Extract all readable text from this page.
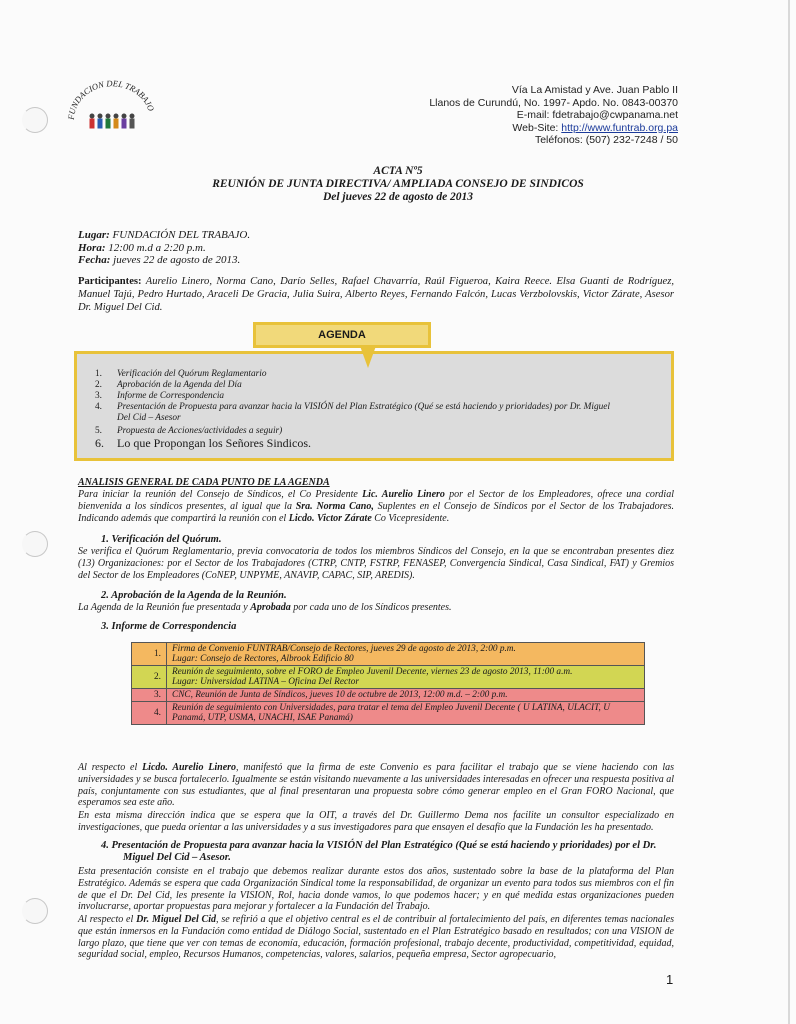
FUNDACION DEL TRABAJO
Vía La Amistad y Ave. Juan Pablo II
Llanos de Curundú, No. 1997- Apdo. No. 0843-00370
E-mail: fdetrabajo@cwpanama.net
Web-Site: http://www.funtrab.org.pa
Teléfonos: (507) 232-7248 / 50
ACTA Nº5
REUNIÓN DE JUNTA DIRECTIVA/ AMPLIADA CONSEJO DE SINDICOS
Del jueves 22 de agosto de 2013
Lugar: FUNDACIÓN DEL TRABAJO.
Hora: 12:00 m.d a 2:20 p.m.
Fecha: jueves 22 de agosto de 2013.
Participantes: Aurelio Linero, Norma Cano, Darío Selles, Rafael Chavarría, Raúl Figueroa, Kaira Reece. Elsa Guanti de Rodríguez, Manuel Tajú, Pedro Hurtado, Araceli De Gracia, Julia Suira, Alberto Reyes, Fernando Falcón, Lucas Verzbolovskis, Victor Zárate, Asesor Dr. Miguel Del Cid.
AGENDA
1. Verificación del Quórum Reglamentario
2. Aprobación de la Agenda del Día
3. Informe de Correspondencia
4. Presentación de Propuesta para avanzar hacia la VISIÓN del Plan Estratégico (Qué se está haciendo y prioridades) por Dr. Miguel
Del Cid – Asesor
5. Propuesta de Acciones/actividades a seguir)
6. Lo que Propongan los Señores Sindicos.
ANALISIS GENERAL DE CADA PUNTO DE LA AGENDA
Para iniciar la reunión del Consejo de Síndicos, el Co Presidente Lic. Aurelio Linero por el Sector de los Empleadores, ofrece una cordial bienvenida a los síndicos presentes, al igual que la Sra. Norma Cano, Suplentes en el Consejo de Síndicos por el Sector de los Trabajadores. Indicando además que compartirá la reunión con el Licdo. Victor Zárate Co Vicepresidente.
1. Verificación del Quórum.
Se verifica el Quórum Reglamentario, previa convocatoria de todos los miembros Síndicos del Consejo, en la que se encontraban presentes diez (13) Organizaciones: por el Sector de los Trabajadores (CTRP, CNTP, FSTRP, FENASEP, Convergencia Sindical, Casa Sindical, FAT) y Gremios del Sector de los Empleadores (CoNEP, UNPYME, ANAVIP, CAPAC, SIP, AREDIS).
2. Aprobación de la Agenda de la Reunión.
La Agenda de la Reunión fue presentada y Aprobada por cada uno de los Síndicos presentes.
3. Informe de Correspondencia
1.	Firma de Convenio FUNTRAB/Consejo de Rectores, jueves 29 de agosto de 2013, 2:00 p.m.
Lugar: Consejo de Rectores, Albrook Edificio 80

2.	Reunión de seguimiento, sobre el FORO de Empleo Juvenil Decente, viernes 23 de agosto 2013, 11:00 a.m.
Lugar: Universidad LATINA – Oficina Del Rector

3.	CNC, Reunión de Junta de Síndicos, jueves 10 de octubre de 2013, 12:00 m.d. – 2:00 p.m.

4.	Reunión de seguimiento con Universidades, para tratar el tema del Empleo Juvenil Decente ( U LATINA, ULACIT, U Panamá, UTP, USMA, UNACHI, ISAE Panamá)
Al respecto el Licdo. Aurelio Linero, manifestó que la firma de este Convenio es para facilitar el trabajo que se viene haciendo con las universidades y se busca fortalecerlo. Igualmente se están visitando nuevamente a las universidades interesadas en ofrecer una respuesta positiva al país, conjuntamente con sus estudiantes, que al final presentaran una propuesta sobre cómo generar empleo en el Gran FORO Nacional, que esperamos sea este año.
En esta misma dirección indica que se espera que la OIT, a través del Dr. Guillermo Dema nos facilite un consultor especializado en investigaciones, que pueda orientar a las universidades y a sus investigadores para que ensayen el desafío que la Fundación les ha presentado.
4. Presentación de Propuesta para avanzar hacia la VISIÓN del Plan Estratégico (Qué se está haciendo y prioridades) por el Dr.
Miguel Del Cid – Asesor.
Esta presentación consiste en el trabajo que debemos realizar durante estos dos años, sustentado sobre la base de la plataforma del Plan Estratégico. Además se espera que cada Organización Sindical tome la responsabilidad, de organizar un evento para todos sus miembros con el fin de que el Dr. Del Cid, les presente la VISION, Rol, hacia donde vamos, lo que podemos hacer; y en qué medida estas organizaciones pueden involucrarse, aportar propuestas para mejorar y fortalecer a la Fundación del Trabajo.
Al respecto el Dr. Miguel Del Cid, se refirió a que el objetivo central es el de contribuir al fortalecimiento del país, en diferentes temas nacionales que están inmersos en la Fundación como entidad de Diálogo Social, sustentado en el Plan Estratégico basado en resultados; con una VISION de largo plazo, que tiene que ver con temas de economía, educación, formación profesional, trabajo decente, productividad, competitividad, equidad, seguridad social, empleo, Recursos Humanos, competencias, valores, salarios, pequeña empresa, Sector agropecuario,
1
